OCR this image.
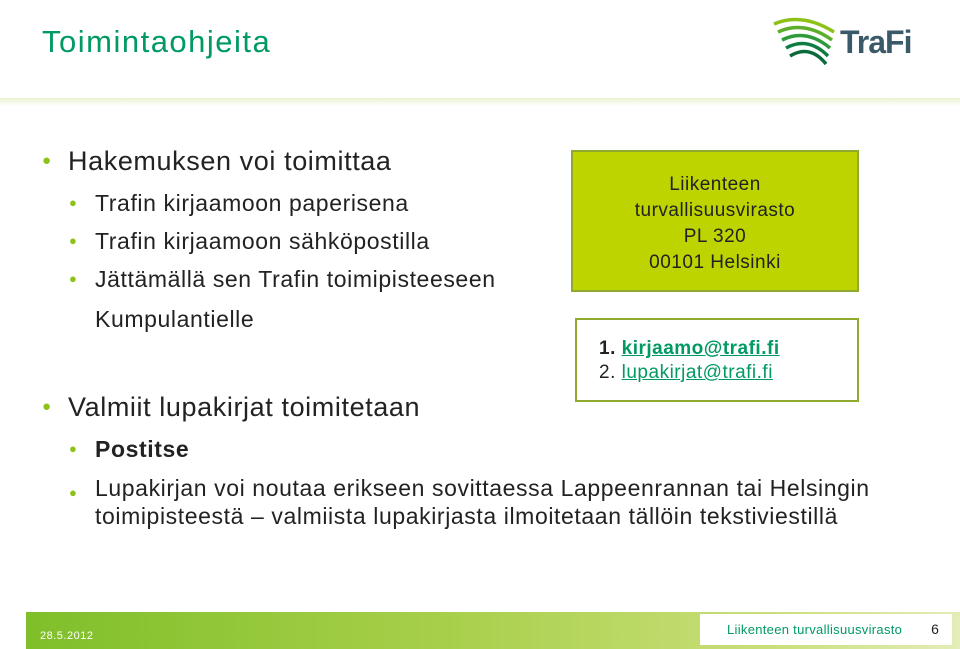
Toimintaohjeita	TraFi
● Hakemuksen voi toimittaa
● Trafin kirjaamoon paperisena
● Trafin kirjaamoon sähköpostilla
● Jättämällä sen Trafin toimipisteeseen
Kumpulantielle
● Valmiit lupakirjat toimitetaan
● Postitse
● Lupakirjan voi noutaa erikseen sovittaessa Lappeenrannan tai Helsingin toimipisteestä – valmiista lupakirjasta ilmoitetaan tällöin tekstiviestillä
Liikenteen
turvallisuusvirasto
PL 320
00101 Helsinki
1. kirjaamo@trafi.fi
2. lupakirjat@trafi.fi
28.5.2012	Liikenteen turvallisuusvirasto	6
